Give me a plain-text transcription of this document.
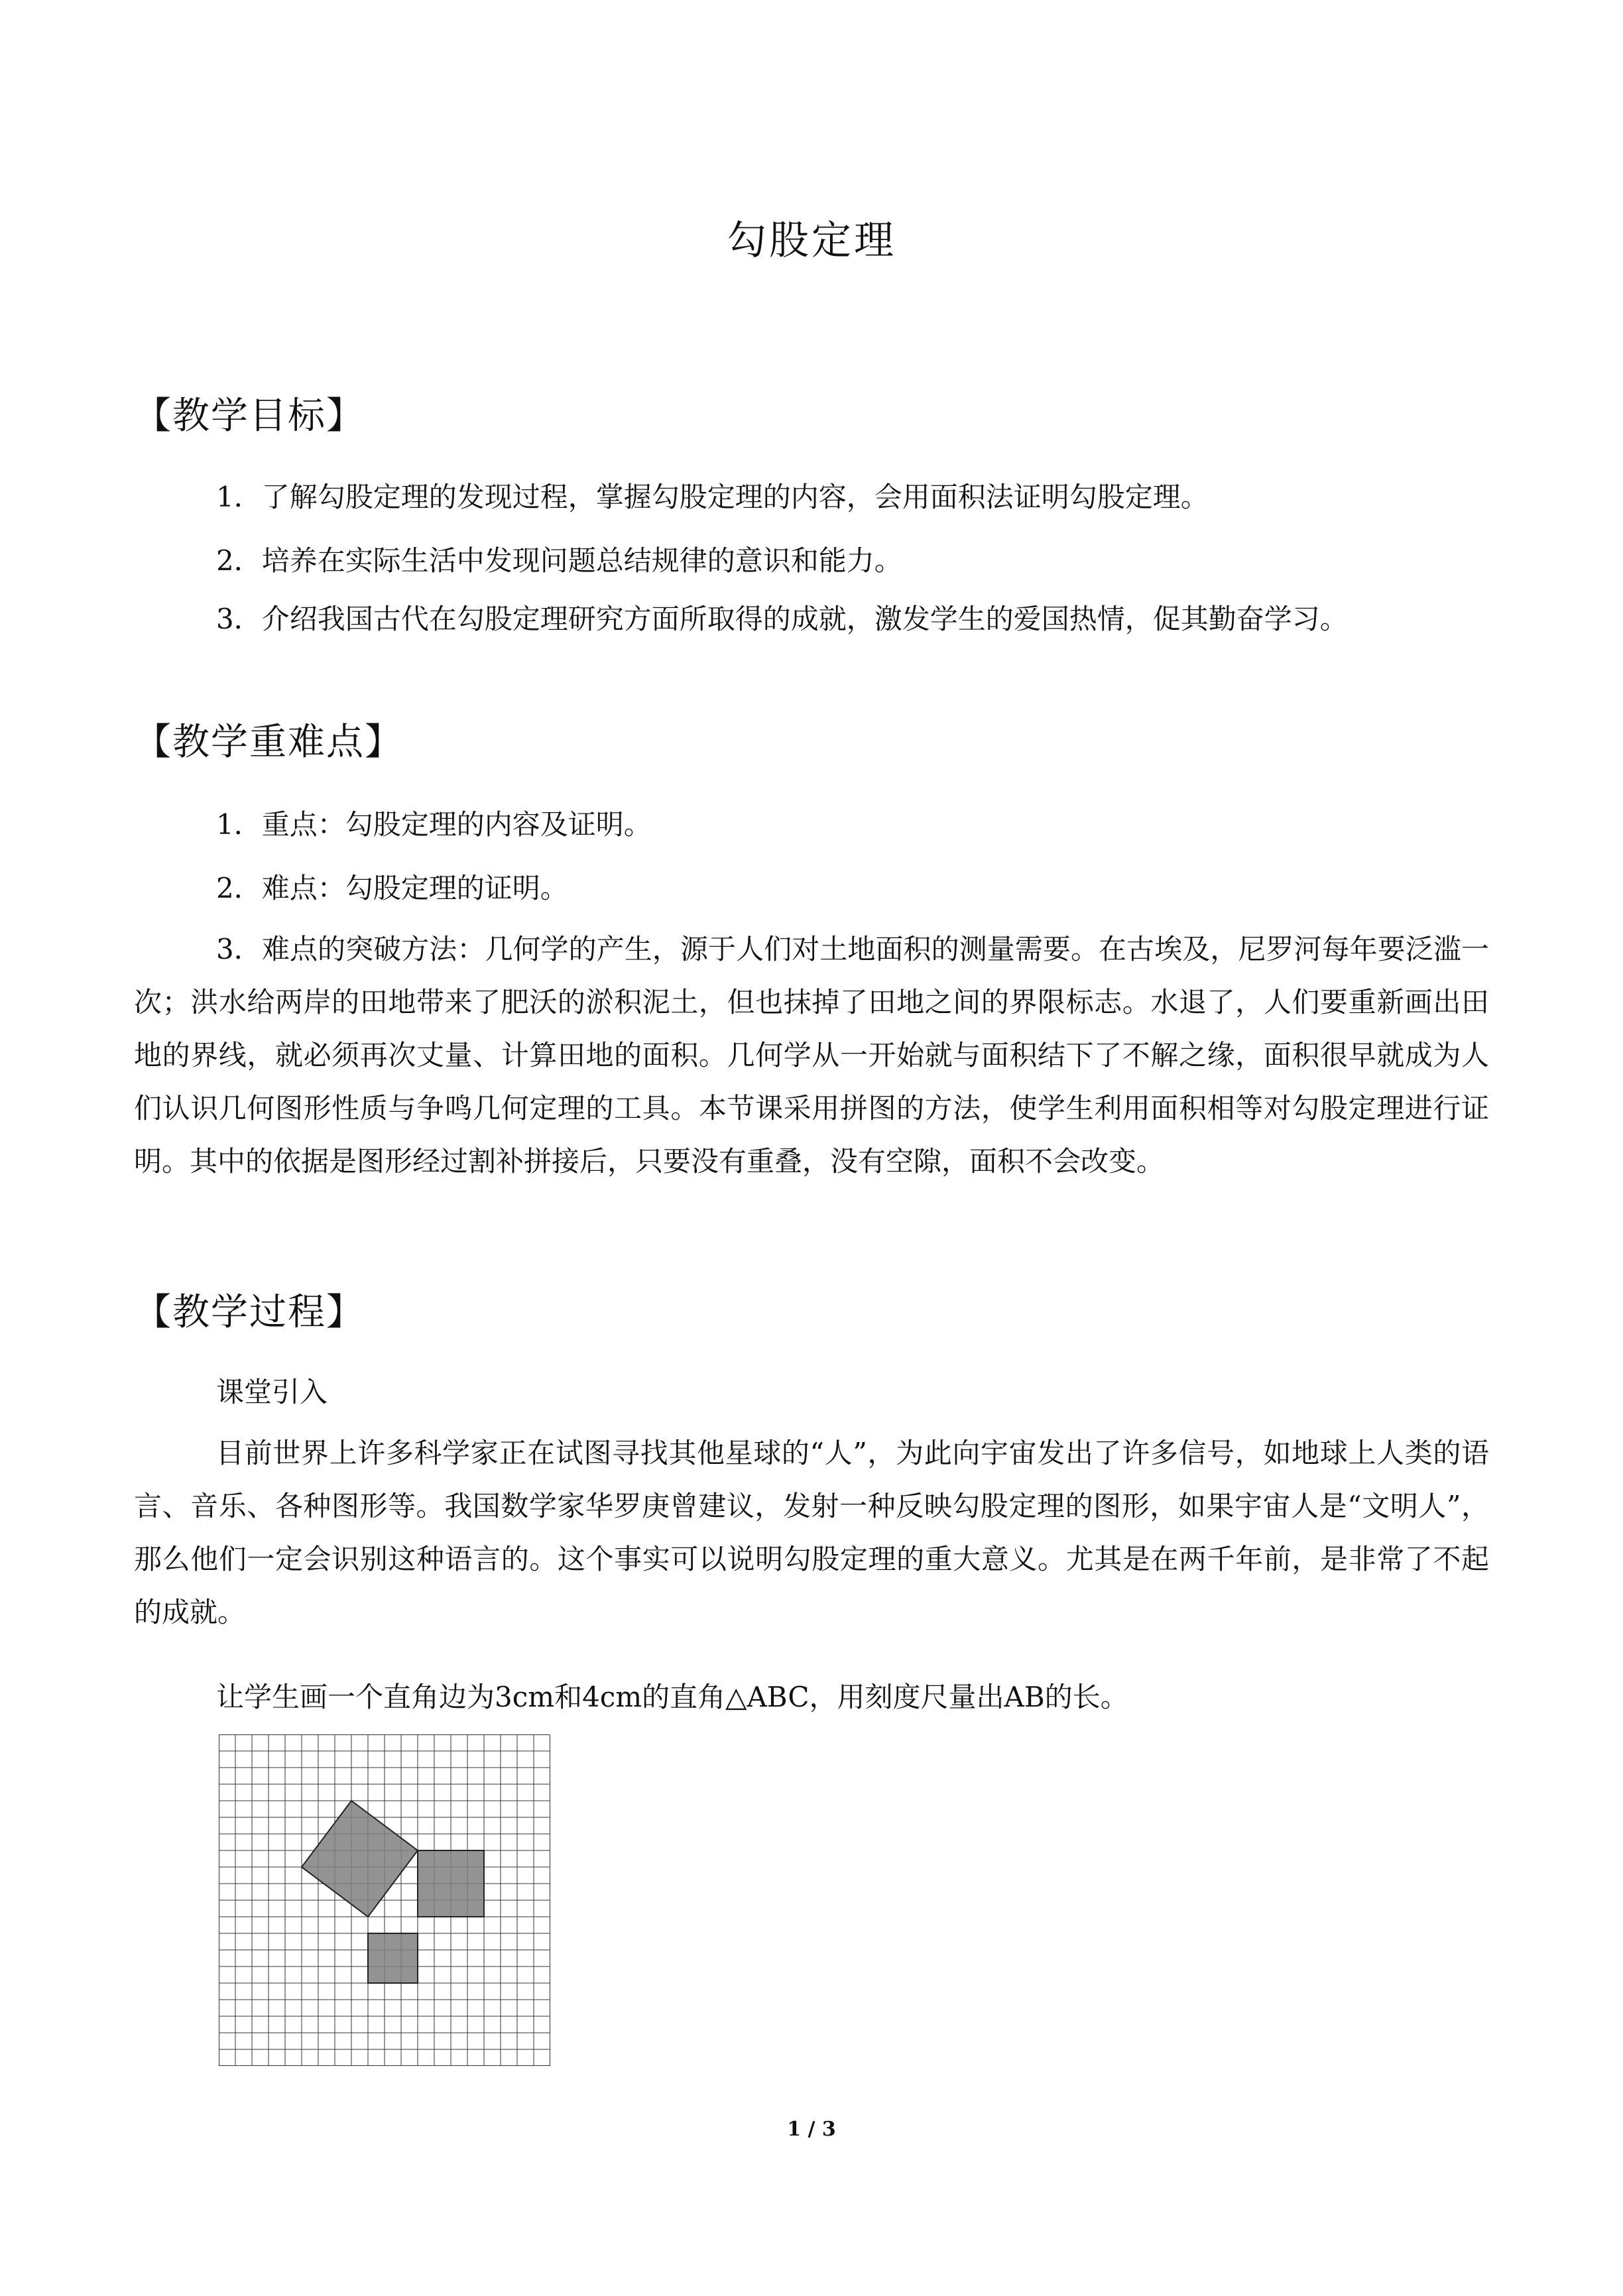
勾股定理
【教学目标】

1．了解勾股定理的发现过程，掌握勾股定理的内容，会用面积法证明勾股定理。

2．培养在实际生活中发现问题总结规律的意识和能力。

3．介绍我国古代在勾股定理研究方面所取得的成就，激发学生的爱国热情，促其勤奋学习。

【教学重难点】

1．重点：勾股定理的内容及证明。

2．难点：勾股定理的证明。

3．难点的突破方法：几何学的产生，源于人们对土地面积的测量需要。在古埃及，尼罗河每年要泛滥一次；洪水给两岸的田地带来了肥沃的淤积泥土，但也抹掉了田地之间的界限标志。水退了，人们要重新画出田地的界线，就必须再次丈量、计算田地的面积。几何学从一开始就与面积结下了不解之缘，面积很早就成为人们认识几何图形性质与争鸣几何定理的工具。本节课采用拼图的方法，使学生利用面积相等对勾股定理进行证明。其中的依据是图形经过割补拼接后，只要没有重叠，没有空隙，面积不会改变。

【教学过程】

课堂引入

目前世界上许多科学家正在试图寻找其他星球的“人”，为此向宇宙发出了许多信号，如地球上人类的语言、音乐、各种图形等。我国数学家华罗庚曾建议，发射一种反映勾股定理的图形，如果宇宙人是“文明人”，那么他们一定会识别这种语言的。这个事实可以说明勾股定理的重大意义。尤其是在两千年前，是非常了不起的成就。

让学生画一个直角边为3cm和4cm的直角△ABC，用刻度尺量出AB的长。

1 / 3
